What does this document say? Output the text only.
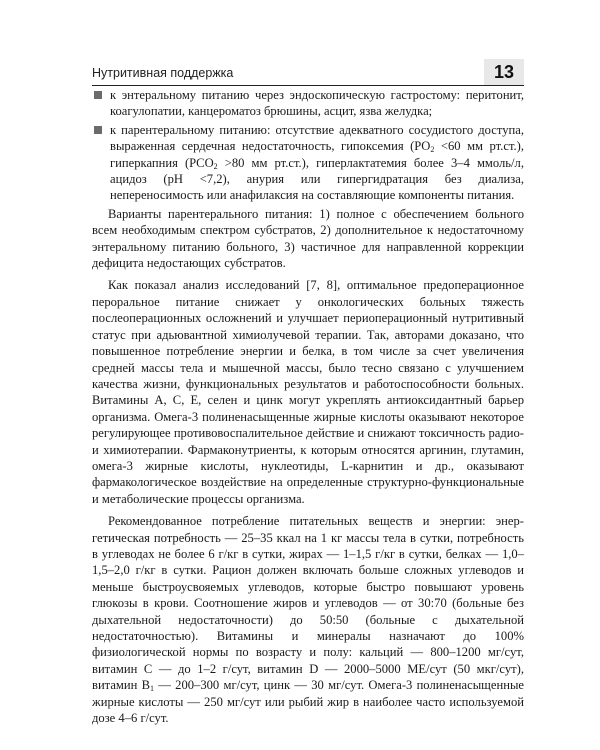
Нутритивная поддержка	13
к энтеральному питанию через эндоскопическую гастростому: перитонит, коагулопатии, канцероматоз брюшины, асцит, язва желудка;
к парентеральному питанию: отсутствие адекватного сосудистого доступа, выраженная сердечная недостаточность, гипоксемия ($PO_2 <60$ мм рт.ст.), гиперкапния ($PCO_2 >80$ мм рт.ст.), гиперлактатемия более 3–4 ммоль/л, ацидоз (pH <7,2), анурия или гипергидратация без диализа, непереносимость или анафилаксия на составляющие компоненты питания.

Варианты парентерального питания: 1) полное с обеспечением больного всем необходимым спектром субстратов, 2) дополнительное к недостаточному энтеральному питанию больного, 3) частичное для направленной коррекции дефицита недостающих субстратов.

Как показал анализ исследований [7, 8], оптимальное предоперационное пероральное питание снижает у онкологических больных тяжесть послеоперационных осложнений и улучшает периоперационный нутритивный статус при адьювантной химиолучевой терапии. Так, авторами доказано, что повышенное потребление энергии и белка, в том числе за счет увеличения средней массы тела и мышечной массы, было тесно связано с улучшением качества жизни, функциональных результатов и работоспособности больных. Витамины A, C, E, селен и цинк могут укреплять антиоксидантный барьер организма. Омега-3 полиненасыщенные жирные кислоты оказывают некоторое регулирующее противовоспалительное действие и снижают токсичность радио- и химиотерапии. Фармаконутриенты, к которым относятся аргинин, глутамин, омега-3 жирные кислоты, нуклеотиды, L-карнитин и др., оказывают фармакологическое воздействие на определенные структурно-функциональные и метаболические процессы организма.

Рекомендованное потребление питательных веществ и энергии: энергетическая потребность — 25–35 ккал на 1 кг массы тела в сутки, потребность в углеводах не более 6 г/кг в сутки, жирах — 1–1,5 г/кг в сутки, белках — 1,0–1,5–2,0 г/кг в сутки. Рацион должен включать больше сложных углеводов и меньше быстроусвояемых углеводов, которые быстро повышают уровень глюкозы в крови. Соотношение жиров и углеводов — от 30:70 (больные без дыхательной недостаточности) до 50:50 (больные с дыхательной недостаточностью). Витамины и минералы назначают до 100% физиологической нормы по возрасту и полу: кальций — 800–1200 мг/сут, витамин C — до 1–2 г/сут, витамин D — 2000–5000 МЕ/сут (50 мкг/сут), витамин $B_1$ — 200–300 мг/сут, цинк — 30 мг/сут. Омега-3 полиненасыщенные жирные кислоты — 250 мг/сут или рыбий жир в наиболее часто используемой дозе 4–6 г/сут.
